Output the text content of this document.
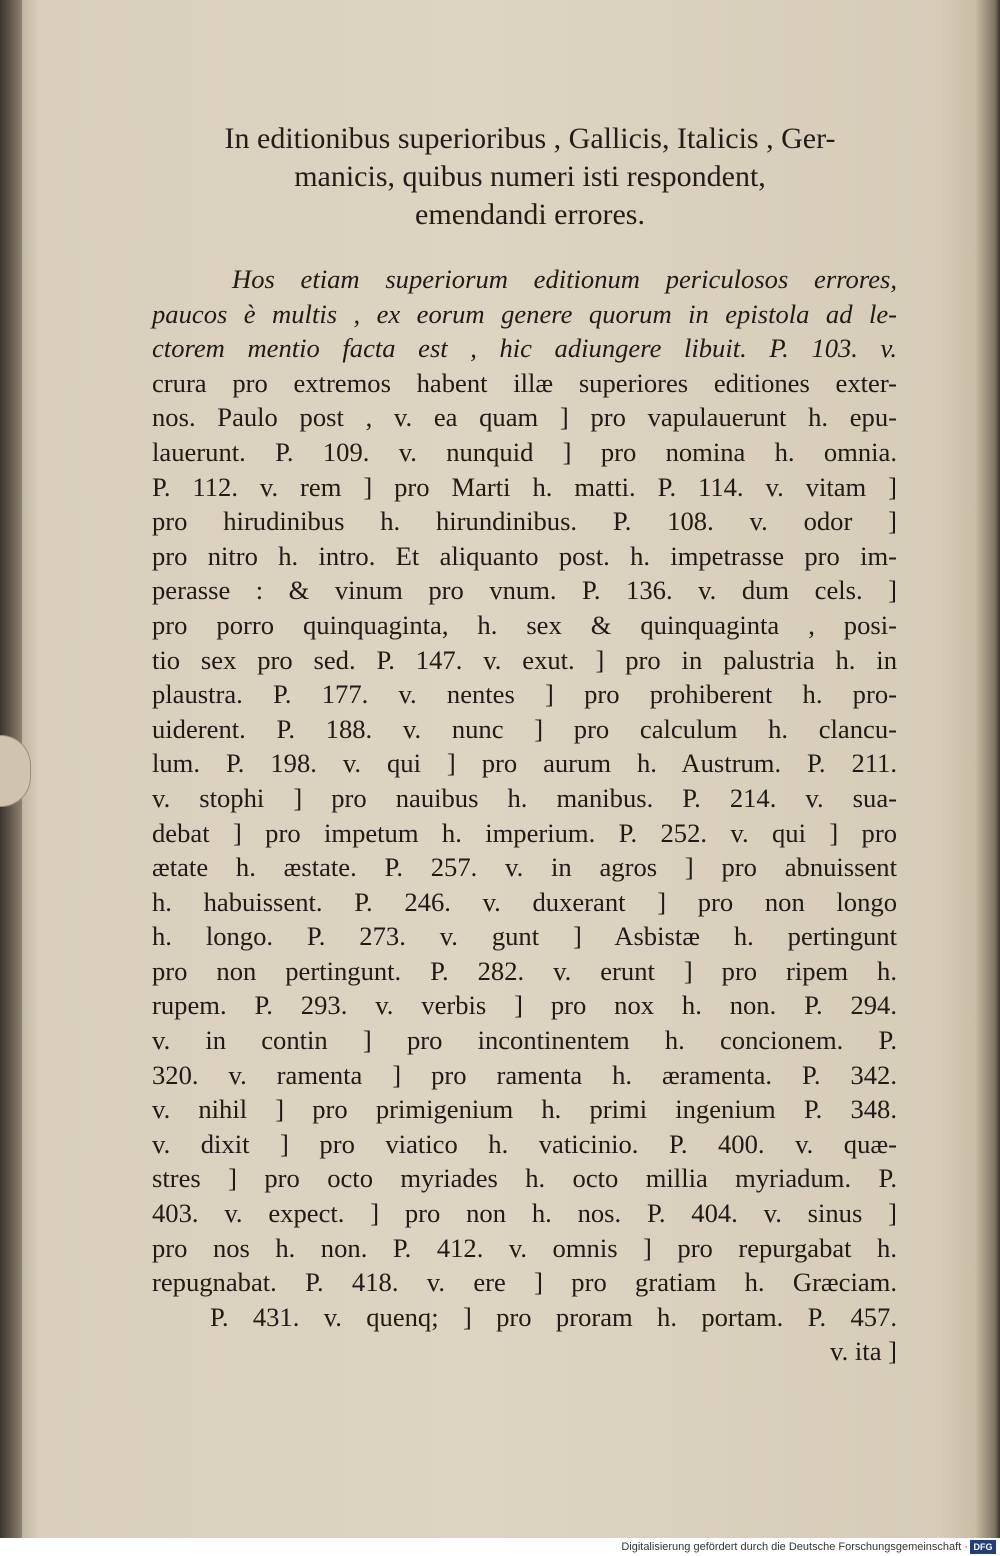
In editionibus superioribus , Gallicis, Italicis , Ger-
manicis, quibus numeri isti respondent,
emendandi errores.
Hos etiam superiorum editionum periculosos errores,
paucos è multis , ex eorum genere quorum in epistola ad le-
ctorem mentio facta est , hic adiungere libuit. P. 103. v.
crura pro extremos habent illæ superiores editiones exter-
nos. Paulo post , v. ea quam ] pro vapulauerunt h. epu-
lauerunt. P. 109. v. nunquid ] pro nomina h. omnia.
P. 112. v. rem ] pro Marti h. matti. P. 114. v. vitam ]
pro hirudinibus h. hirundinibus. P. 108. v. odor ]
pro nitro h. intro. Et aliquanto post. h. impetrasse pro im-
perasse : & vinum pro vnum. P. 136. v. dum cels. ]
pro porro quinquaginta, h. sex & quinquaginta , posi-
tio sex pro sed. P. 147. v. exut. ] pro in palustria h. in
plaustra. P. 177. v. nentes ] pro prohiberent h. pro-
uiderent. P. 188. v. nunc ] pro calculum h. clancu-
lum. P. 198. v. qui ] pro aurum h. Austrum. P. 211.
v. stophi ] pro nauibus h. manibus. P. 214. v. sua-
debat ] pro impetum h. imperium. P. 252. v. qui ] pro
ætate h. æstate. P. 257. v. in agros ] pro abnuissent
h. habuissent. P. 246. v. duxerant ] pro non longo
h. longo. P. 273. v. gunt ] Asbistæ h. pertingunt
pro non pertingunt. P. 282. v. erunt ] pro ripem h.
rupem. P. 293. v. verbis ] pro nox h. non. P. 294.
v. in contin ] pro incontinentem h. concionem. P.
320. v. ramenta ] pro ramenta h. æramenta. P. 342.
v. nihil ] pro primigenium h. primi ingenium P. 348.
v. dixit ] pro viatico h. vaticinio. P. 400. v. quæ-
stres ] pro octo myriades h. octo millia myriadum. P.
403. v. expect. ] pro non h. nos. P. 404. v. sinus ]
pro nos h. non. P. 412. v. omnis ] pro repurgabat h.
repugnabat. P. 418. v. ere ] pro gratiam h. Græciam.
P. 431. v. quenq; ] pro proram h. portam. P. 457.
v. ita ]
Digitalisierung gefördert durch die Deutsche Forschungsgemeinschaft · DFG
